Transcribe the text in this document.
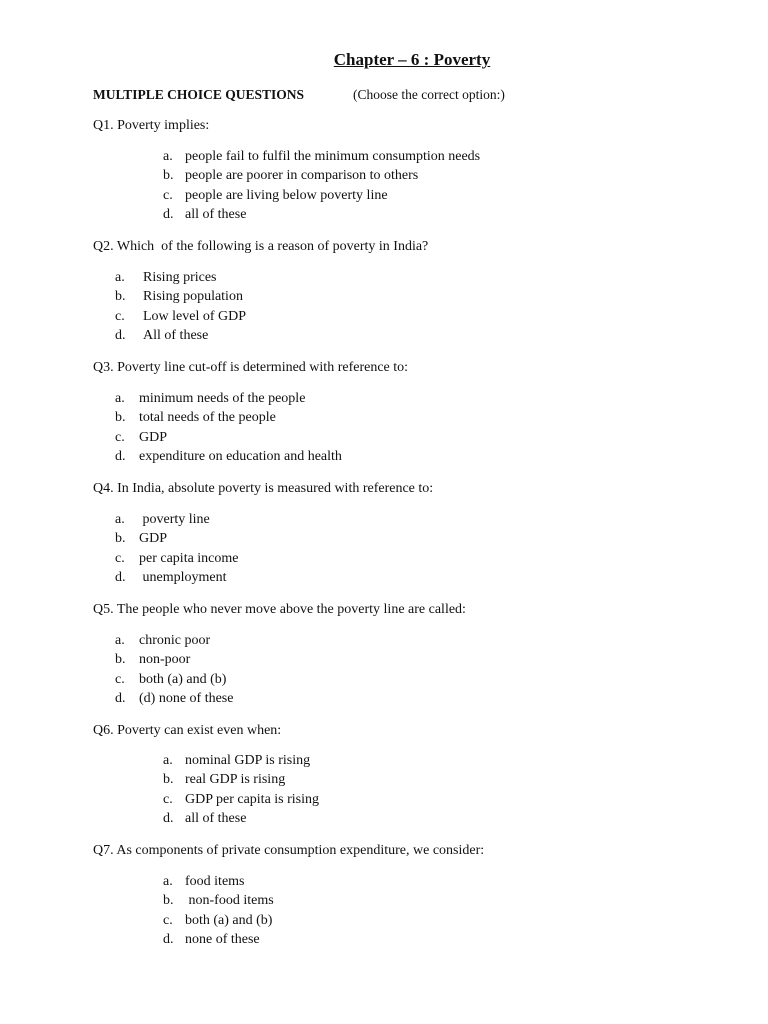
Chapter – 6 : Poverty
MULTIPLE CHOICE QUESTIONS	(Choose the correct option:)
Q1. Poverty implies:
a. people fail to fulfil the minimum consumption needs
b. people are poorer in comparison to others
c. people are living below poverty line
d. all of these
Q2. Which  of the following is a reason of poverty in India?
a. Rising prices
b. Rising population
c. Low level of GDP
d. All of these
Q3. Poverty line cut-off is determined with reference to:
a. minimum needs of the people
b. total needs of the people
c. GDP
d. expenditure on education and health
Q4. In India, absolute poverty is measured with reference to:
a. poverty line
b. GDP
c. per capita income
d. unemployment
Q5. The people who never move above the poverty line are called:
a. chronic poor
b. non-poor
c. both (a) and (b)
d. (d) none of these
Q6. Poverty can exist even when:
a. nominal GDP is rising
b. real GDP is rising
c. GDP per capita is rising
d. all of these
Q7. As components of private consumption expenditure, we consider:
a. food items
b. non-food items
c. both (a) and (b)
d. none of these
